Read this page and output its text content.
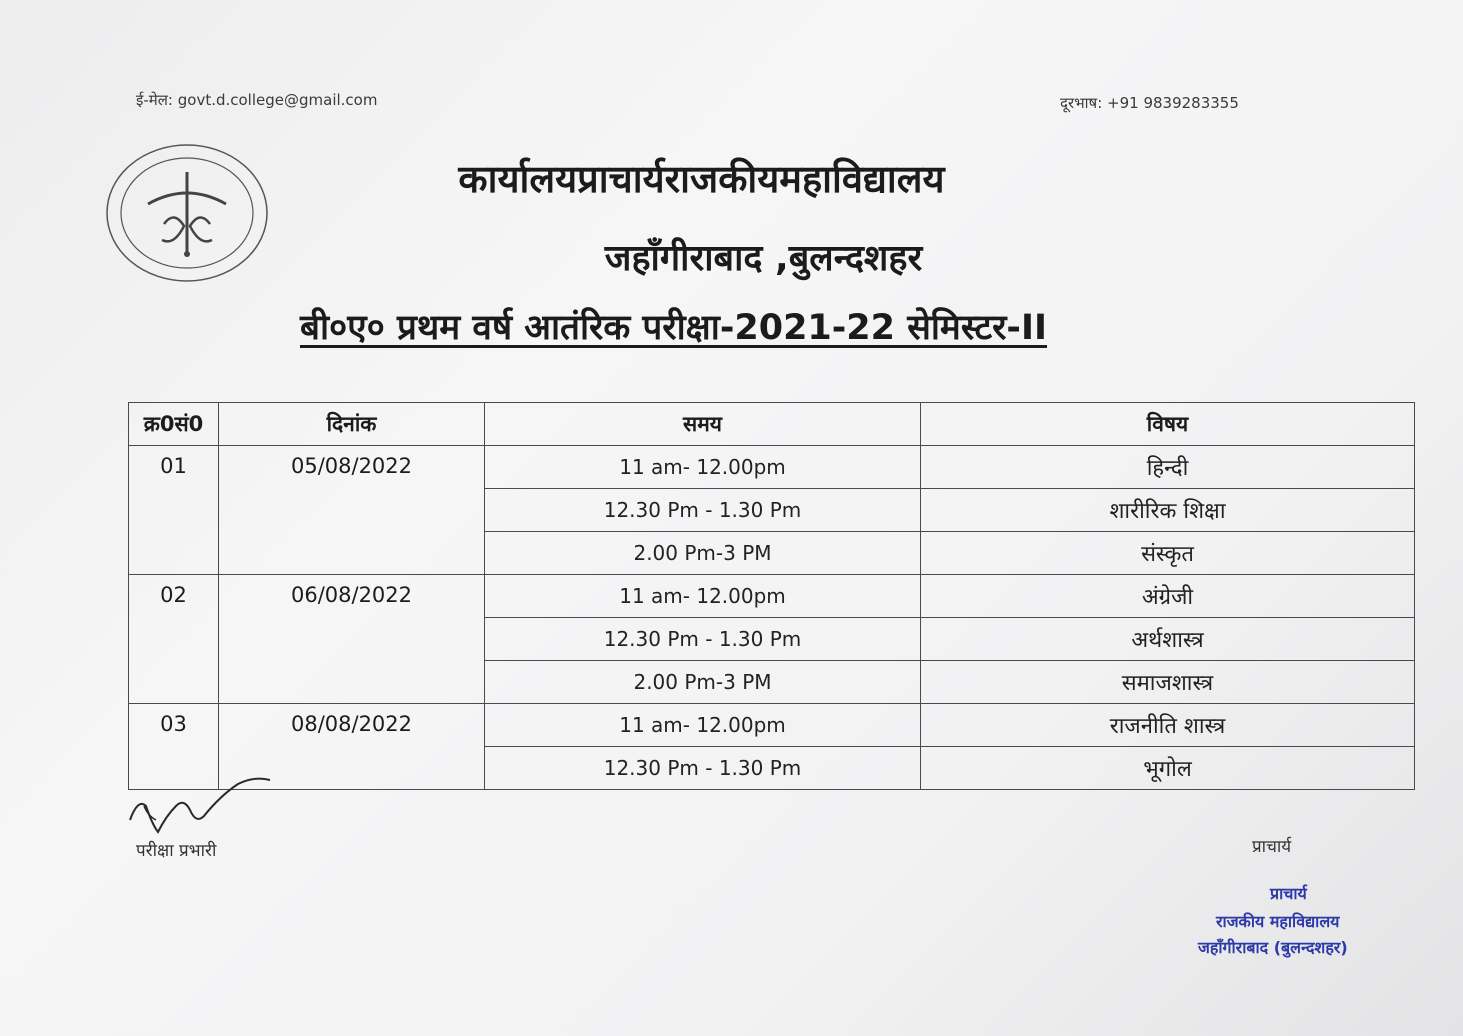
ई-मेल: govt.d.college@gmail.com	दूरभाष: +91 9839283355
कार्यालयप्राचार्यराजकीयमहाविद्यालय
जहाँगीराबाद ,बुलन्दशहर
बी०ए० प्रथम वर्ष आतंरिक परीक्षा-2021-22 सेमिस्टर-II
क्र0सं0	दिनांक	समय	विषय
01	05/08/2022	11 am- 12.00pm	हिन्दी
		12.30 Pm - 1.30 Pm	शारीरिक शिक्षा
		2.00 Pm-3 PM	संस्कृत
02	06/08/2022	11 am- 12.00pm	अंग्रेजी
		12.30 Pm - 1.30 Pm	अर्थशास्त्र
		2.00 Pm-3 PM	समाजशास्त्र
03	08/08/2022	11 am- 12.00pm	राजनीति शास्त्र
		12.30 Pm - 1.30 Pm	भूगोल
परीक्षा प्रभारी	प्राचार्य
प्राचार्य
राजकीय महाविद्यालय
जहाँगीराबाद (बुलन्दशहर)
